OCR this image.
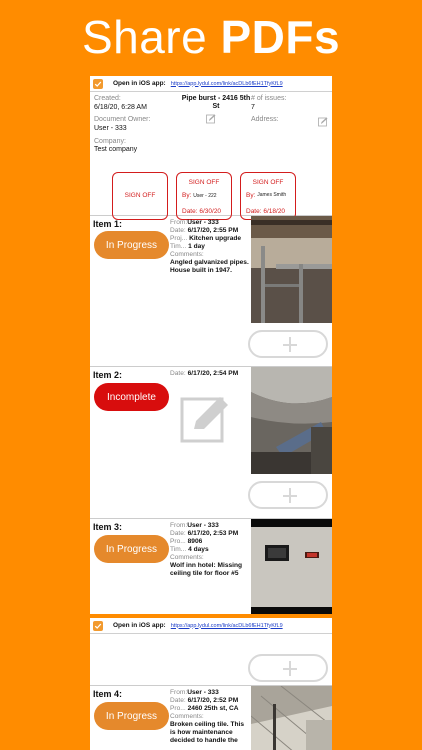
Share PDFs
Open in iOS app: https://app.lydul.com/link/acDLb6fEH1TfyKfL9
Created:
6/18/20, 6:28 AM
Pipe burst - 2416 5th St
# of issues:
7
Document Owner:
User - 333
Address:
Company:
Test company
SIGN OFF
SIGN OFF
By: User - 222
Date: 6/30/20
SIGN OFF
By: James Smith
Date: 6/18/20
Item 1:
In Progress
From:User - 333
Date: 6/17/20, 2:55 PM
Proj... Kitchen upgrade
Tim... 1 day
Comments:
Angled galvanized pipes. House built in 1947.
Item 2:
Incomplete
Date: 6/17/20, 2:54 PM
Item 3:
In Progress
From:User - 333
Date: 6/17/20, 2:53 PM
Pro... 8906
Tim... 4 days
Comments:
Wolf inn hotel: Missing ceiling tile for floor #5
Open in iOS app: https://app.lydul.com/link/acDLb6fEH1TfyKfL9
Item 4:
In Progress
From:User - 333
Date: 6/17/20, 2:52 PM
Pro... 2460 25th st, CA
Comments:
Broken ceiling tile. This is how maintenance decided to handle the
